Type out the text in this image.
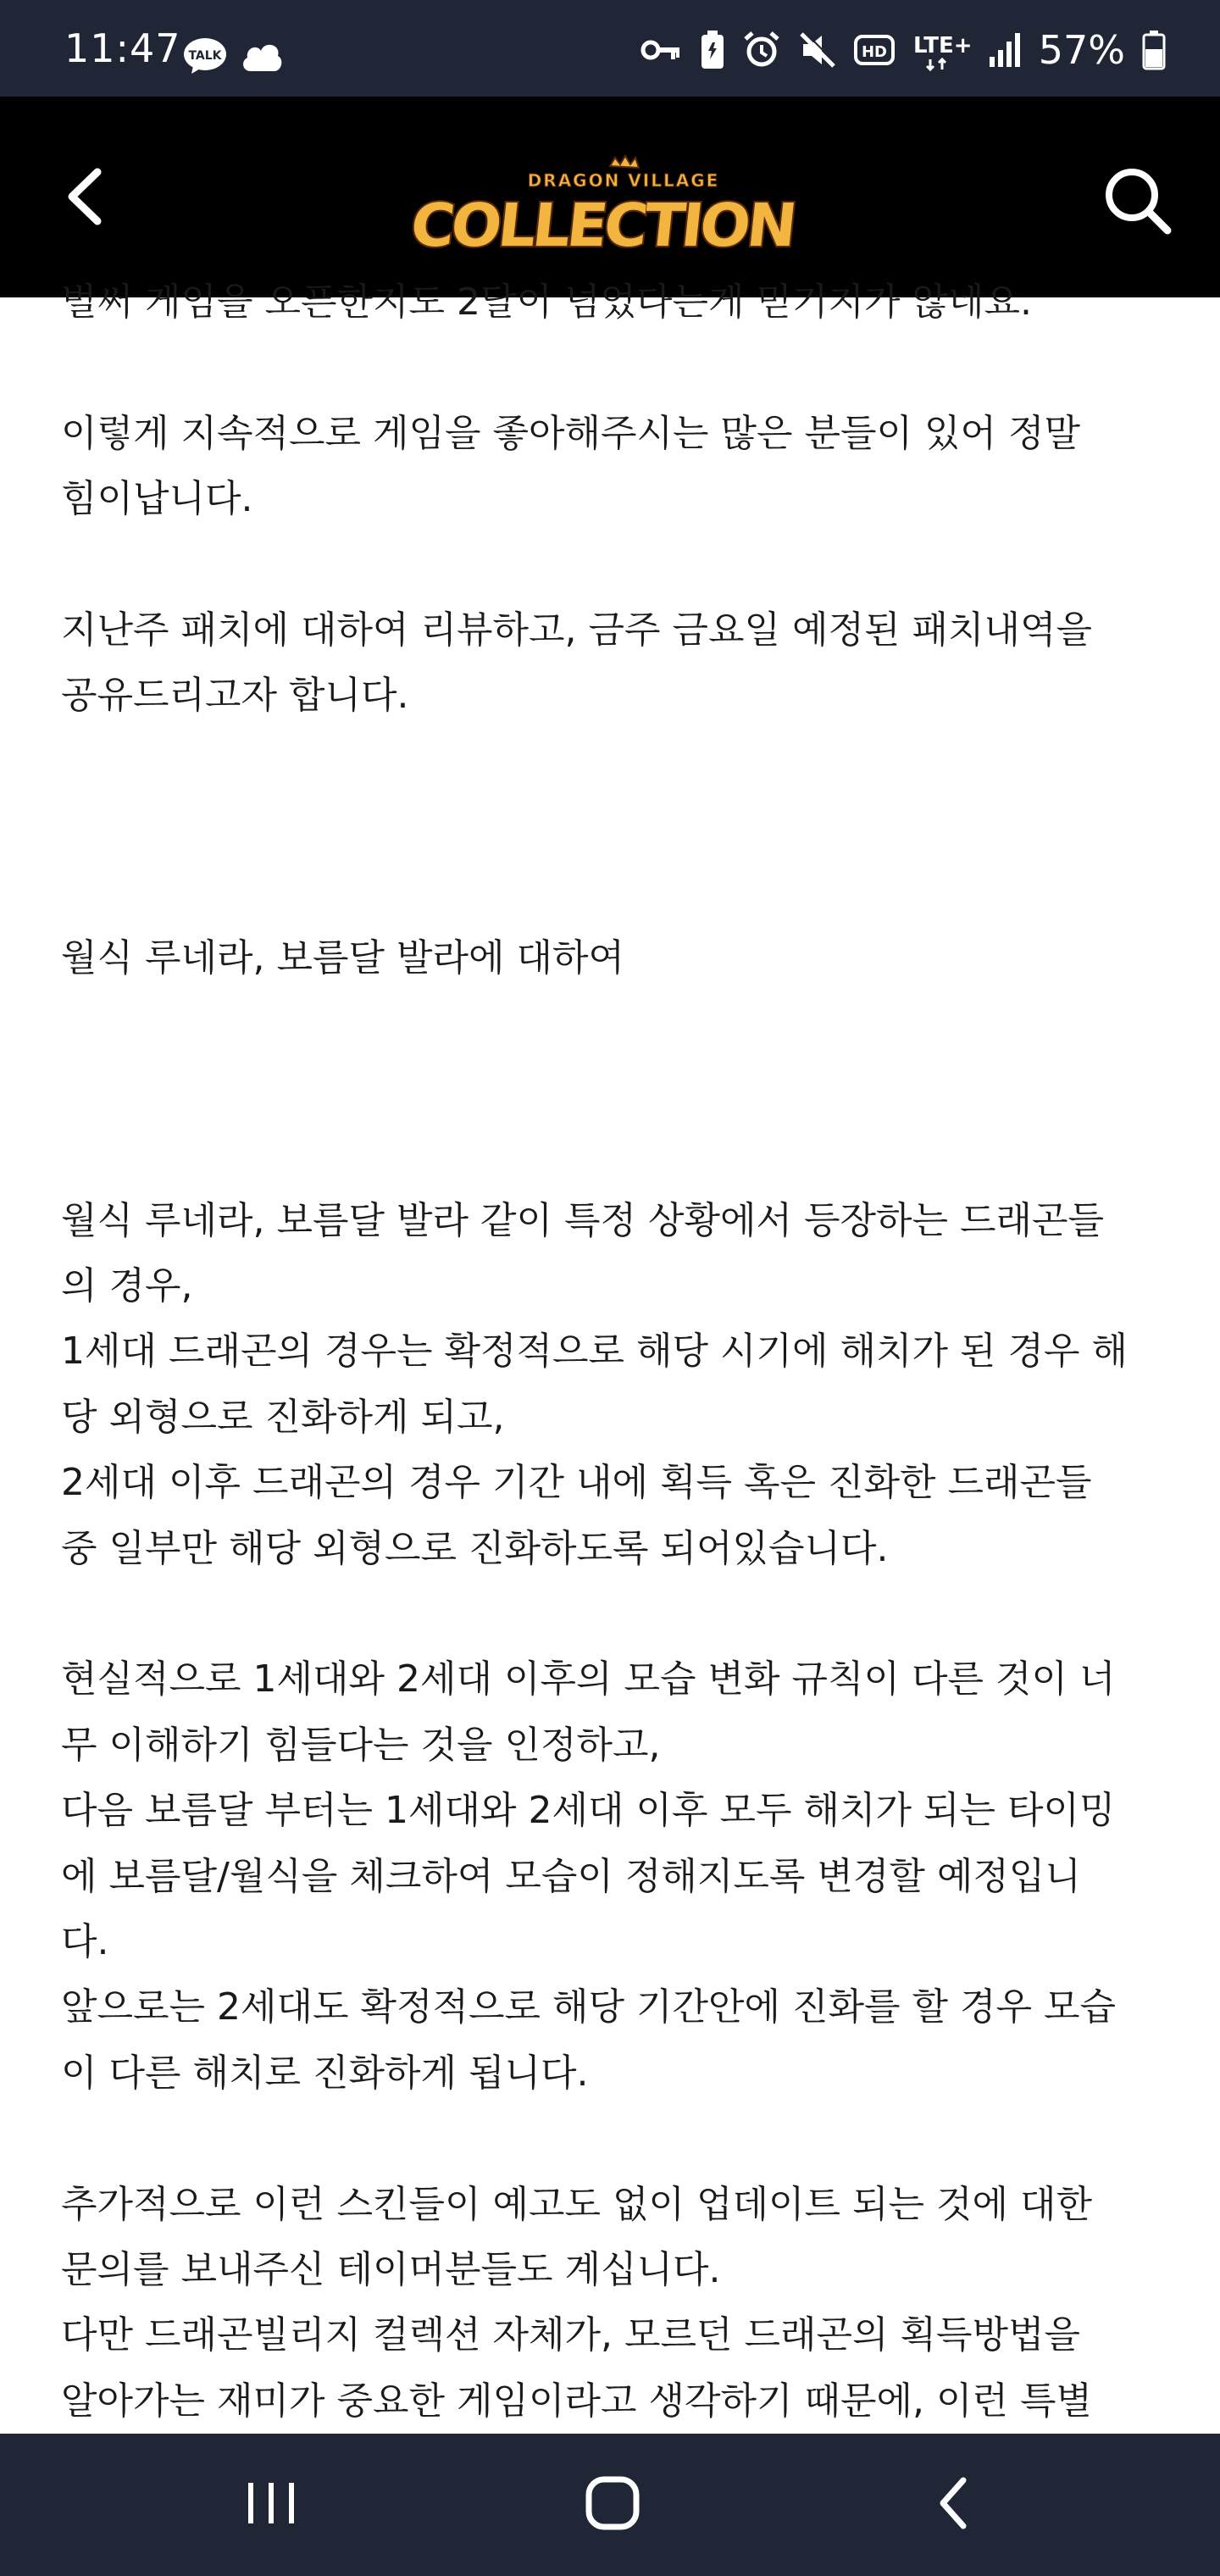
11:47 TALK	HD LTE+ 57%
DRAGON VILLAGE
COLLECTION

벌써 게임을 오픈한지도 2달이 넘었다는게 믿기지가 않네요.

이렇게 지속적으로 게임을 좋아해주시는 많은 분들이 있어 정말

힘이납니다.

지난주 패치에 대하여 리뷰하고, 금주 금요일 예정된 패치내역을

공유드리고자 합니다.

월식 루네라, 보름달 발라에 대하여

월식 루네라, 보름달 발라 같이 특정 상황에서 등장하는 드래곤들

의 경우,

1세대 드래곤의 경우는 확정적으로 해당 시기에 해치가 된 경우 해

당 외형으로 진화하게 되고,

2세대 이후 드래곤의 경우 기간 내에 획득 혹은 진화한 드래곤들

중 일부만 해당 외형으로 진화하도록 되어있습니다.

현실적으로 1세대와 2세대 이후의 모습 변화 규칙이 다른 것이 너

무 이해하기 힘들다는 것을 인정하고,

다음 보름달 부터는 1세대와 2세대 이후 모두 해치가 되는 타이밍

에 보름달/월식을 체크하여 모습이 정해지도록 변경할 예정입니

다.

앞으로는 2세대도 확정적으로 해당 기간안에 진화를 할 경우 모습

이 다른 해치로 진화하게 됩니다.

추가적으로 이런 스킨들이 예고도 없이 업데이트 되는 것에 대한

문의를 보내주신 테이머분들도 계십니다.

다만 드래곤빌리지 컬렉션 자체가, 모르던 드래곤의 획득방법을

알아가는 재미가 중요한 게임이라고 생각하기 때문에, 이런 특별
